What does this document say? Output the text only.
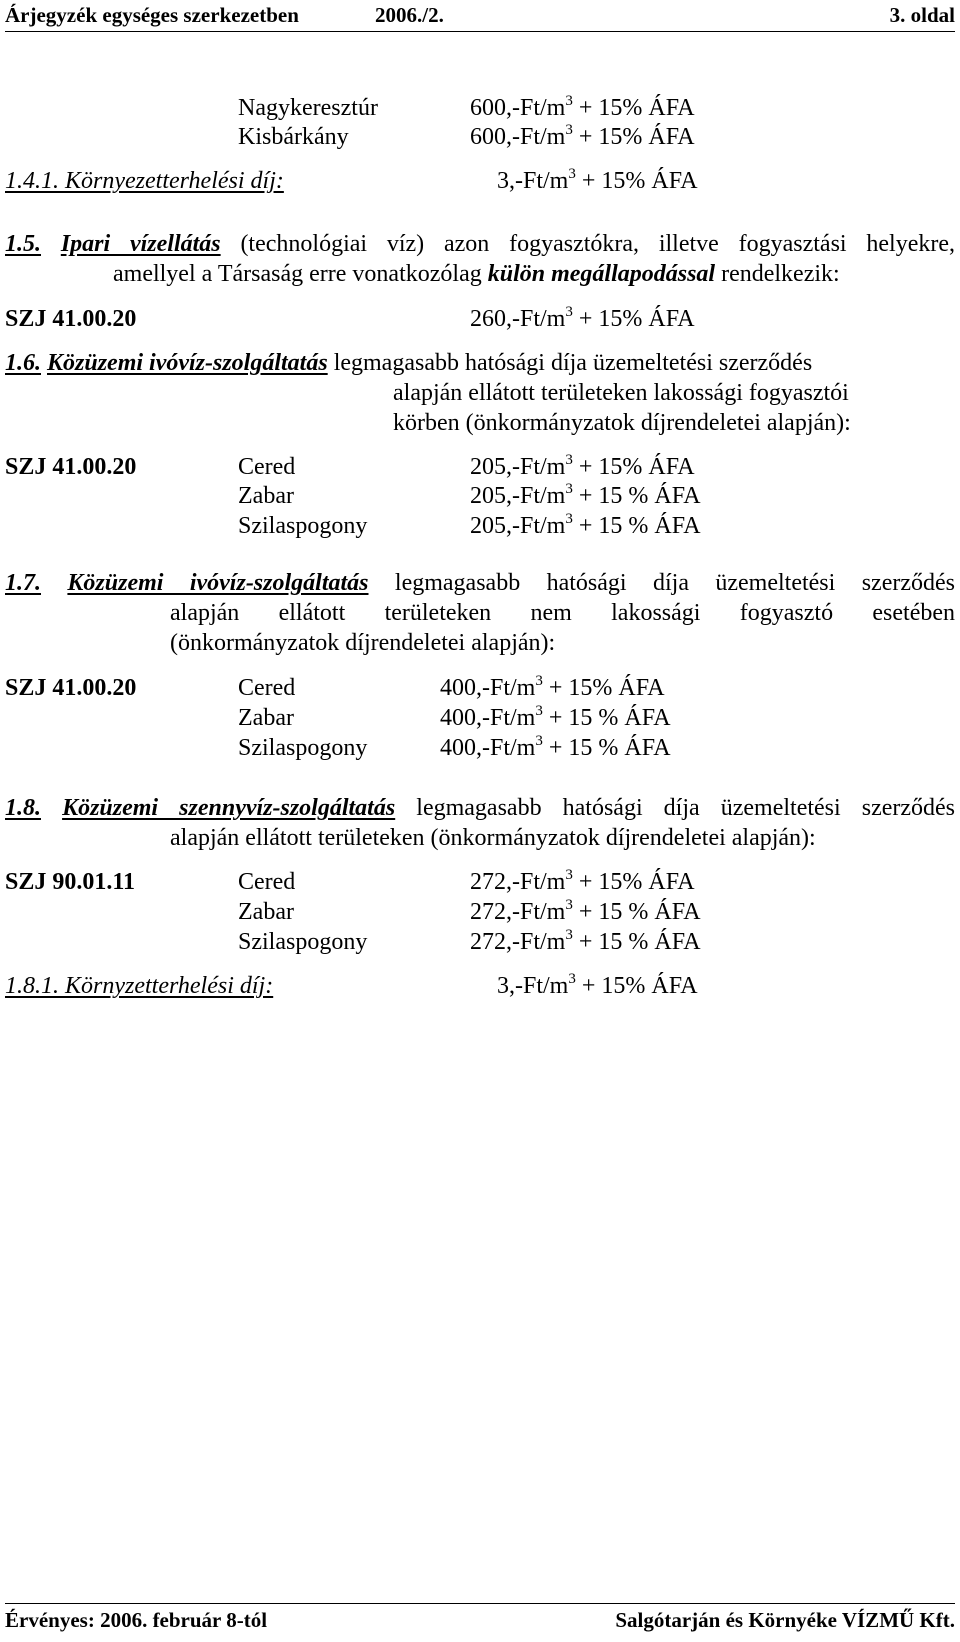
Árjegyzék egységes szerkezetben	2006./2.	3. oldal
Nagykeresztúr	$600,-Ft/m^3 + 15\%$ ÁFA
Kisbárkány	$600,-Ft/m^3 + 15\%$ ÁFA
1.4.1. Környezetterhelési díj:	$3,-Ft/m^3 + 15\%$ ÁFA
1.5. Ipari vízellátás (technológiai víz) azon fogyasztókra, illetve fogyasztási helyekre,
amellyel a Társaság erre vonatkozólag külön megállapodással rendelkezik:
SZJ 41.00.20	$260,-Ft/m^3 + 15\%$ ÁFA
1.6. Közüzemi ivóvíz-szolgáltatás legmagasabb hatósági díja üzemeltetési szerződés
alapján ellátott területeken lakossági fogyasztói
körben (önkormányzatok díjrendeletei alapján):
SZJ 41.00.20	Cered	$205,-Ft/m^3 + 15\%$ ÁFA
Zabar	$205,-Ft/m^3 + 15$ % ÁFA
Szilaspogony	$205,-Ft/m^3 + 15$ % ÁFA
1.7. Közüzemi ivóvíz-szolgáltatás legmagasabb hatósági díja üzemeltetési szerződés
alapján ellátott területeken nem lakossági fogyasztó esetében
(önkormányzatok díjrendeletei alapján):
SZJ 41.00.20	Cered	$400,-Ft/m^3 + 15\%$ ÁFA
Zabar	$400,-Ft/m^3 + 15$ % ÁFA
Szilaspogony	$400,-Ft/m^3 + 15$ % ÁFA
1.8. Közüzemi szennyvíz-szolgáltatás legmagasabb hatósági díja üzemeltetési szerződés
alapján ellátott területeken (önkormányzatok díjrendeletei alapján):
SZJ 90.01.11	Cered	$272,-Ft/m^3 + 15\%$ ÁFA
Zabar	$272,-Ft/m^3 + 15$ % ÁFA
Szilaspogony	$272,-Ft/m^3 + 15$ % ÁFA
1.8.1. Környzetterhelési díj:	$3,-Ft/m^3 + 15\%$ ÁFA
Érvényes: 2006. február 8-tól	Salgótarján és Környéke VÍZMŰ Kft.
